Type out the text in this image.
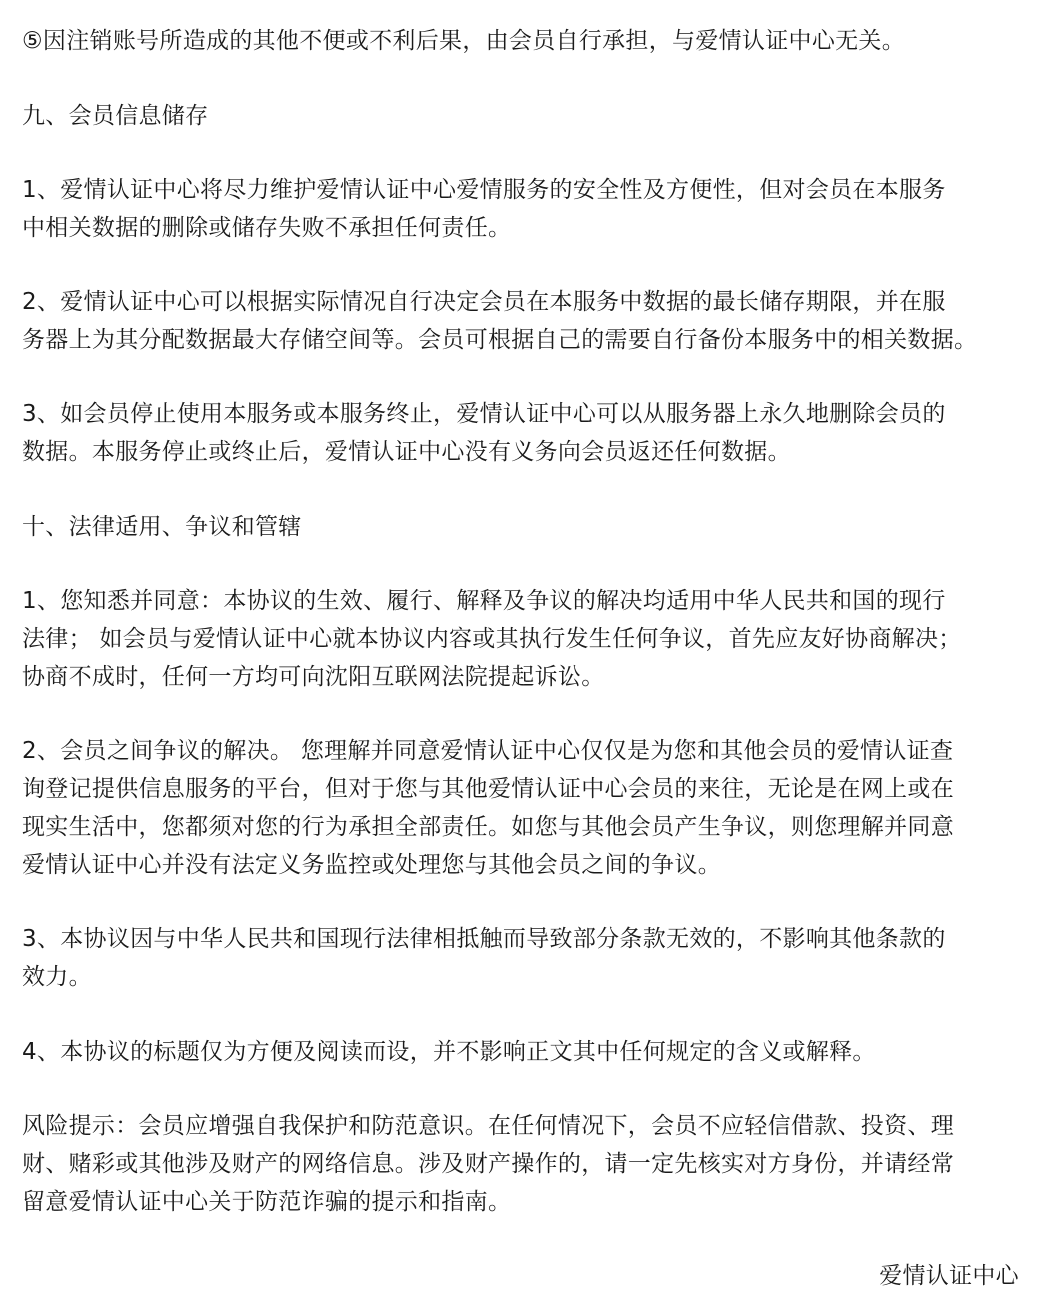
⑤因注销账号所造成的其他不便或不利后果，由会员自行承担，与爱情认证中心无关。
九、会员信息储存
1、爱情认证中心将尽力维护爱情认证中心爱情服务的安全性及方便性，但对会员在本服务
中相关数据的删除或储存失败不承担任何责任。
2、爱情认证中心可以根据实际情况自行决定会员在本服务中数据的最长储存期限，并在服
务器上为其分配数据最大存储空间等。会员可根据自己的需要自行备份本服务中的相关数据。
3、如会员停止使用本服务或本服务终止，爱情认证中心可以从服务器上永久地删除会员的
数据。本服务停止或终止后，爱情认证中心没有义务向会员返还任何数据。
十、法律适用、争议和管辖
1、您知悉并同意：本协议的生效、履行、解释及争议的解决均适用中华人民共和国的现行
法律； 如会员与爱情认证中心就本协议内容或其执行发生任何争议，首先应友好协商解决；
协商不成时，任何一方均可向沈阳互联网法院提起诉讼。
2、会员之间争议的解决。 您理解并同意爱情认证中心仅仅是为您和其他会员的爱情认证查
询登记提供信息服务的平台，但对于您与其他爱情认证中心会员的来往，无论是在网上或在
现实生活中，您都须对您的行为承担全部责任。如您与其他会员产生争议，则您理解并同意
爱情认证中心并没有法定义务监控或处理您与其他会员之间的争议。
3、本协议因与中华人民共和国现行法律相抵触而导致部分条款无效的，不影响其他条款的
效力。
4、本协议的标题仅为方便及阅读而设，并不影响正文其中任何规定的含义或解释。
风险提示：会员应增强自我保护和防范意识。在任何情况下，会员不应轻信借款、投资、理
财、赌彩或其他涉及财产的网络信息。涉及财产操作的，请一定先核实对方身份，并请经常
留意爱情认证中心关于防范诈骗的提示和指南。
爱情认证中心
